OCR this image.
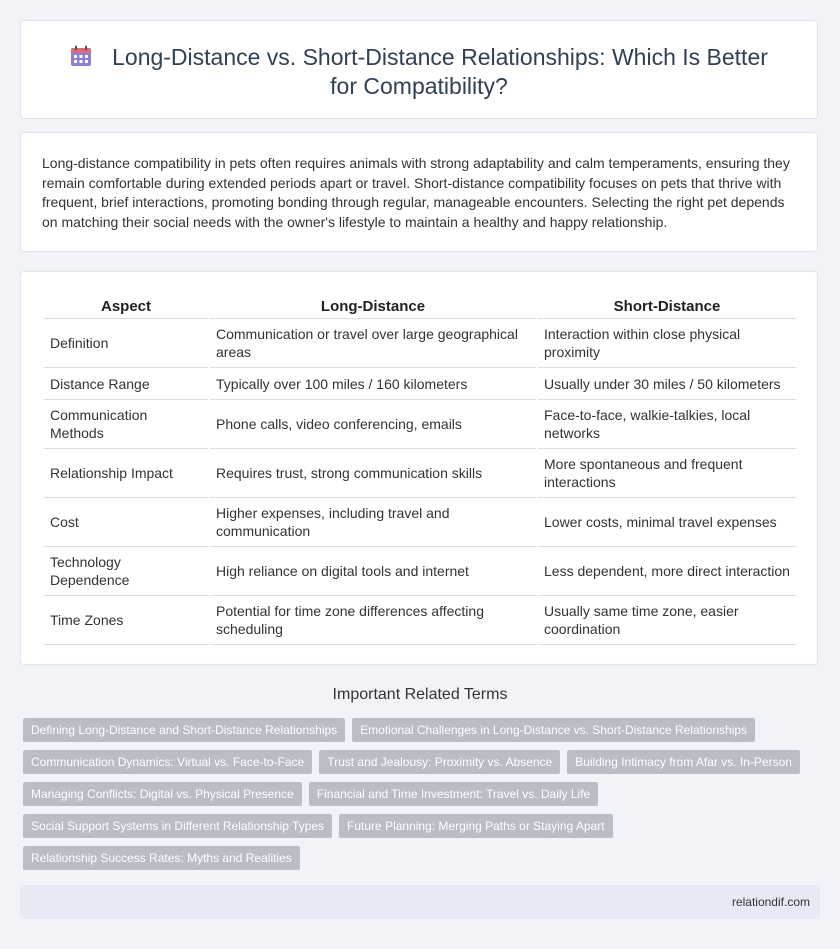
Long-Distance vs. Short-Distance Relationships: Which Is Better for Compatibility?
Long-distance compatibility in pets often requires animals with strong adaptability and calm temperaments, ensuring they remain comfortable during extended periods apart or travel. Short-distance compatibility focuses on pets that thrive with frequent, brief interactions, promoting bonding through regular, manageable encounters. Selecting the right pet depends on matching their social needs with the owner's lifestyle to maintain a healthy and happy relationship.
Aspect	Long-Distance	Short-Distance
Definition	Communication or travel over large geographical areas	Interaction within close physical proximity
Distance Range	Typically over 100 miles / 160 kilometers	Usually under 30 miles / 50 kilometers
Communication Methods	Phone calls, video conferencing, emails	Face-to-face, walkie-talkies, local networks
Relationship Impact	Requires trust, strong communication skills	More spontaneous and frequent interactions
Cost	Higher expenses, including travel and communication	Lower costs, minimal travel expenses
Technology Dependence	High reliance on digital tools and internet	Less dependent, more direct interaction
Time Zones	Potential for time zone differences affecting scheduling	Usually same time zone, easier coordination
Important Related Terms
Defining Long-Distance and Short-Distance Relationships	Emotional Challenges in Long-Distance vs. Short-Distance Relationships
Communication Dynamics: Virtual vs. Face-to-Face	Trust and Jealousy: Proximity vs. Absence	Building Intimacy from Afar vs. In-Person
Managing Conflicts: Digital vs. Physical Presence	Financial and Time Investment: Travel vs. Daily Life
Social Support Systems in Different Relationship Types	Future Planning: Merging Paths or Staying Apart
Relationship Success Rates: Myths and Realities
relationdif.com
